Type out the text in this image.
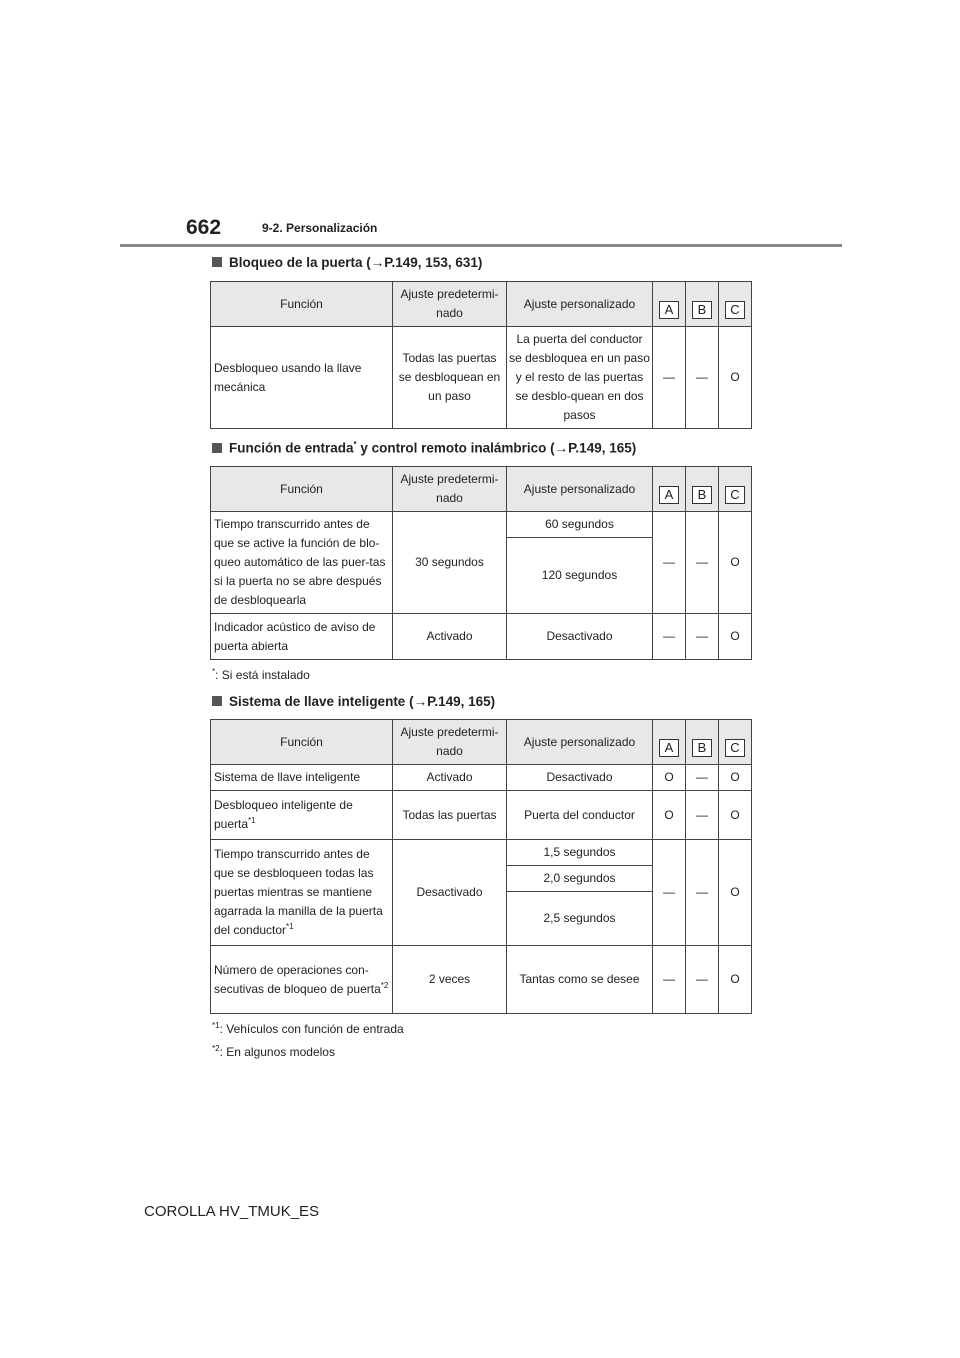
662	9-2. Personalización
Bloqueo de la puerta (→P.149, 153, 631)
Función	Ajuste predetermi-nado	Ajuste personalizado	A	B	C
Desbloqueo usando la llave mecánica	Todas las puertas se desbloquean en un paso	La puerta del conductor se desbloquea en un paso y el resto de las puertas se desblo-quean en dos pasos	—	—	O
Función de entrada* y control remoto inalámbrico (→P.149, 165)
Función	Ajuste predetermi-nado	Ajuste personalizado	A	B	C
Tiempo transcurrido antes de que se active la función de blo-queo automático de las puer-tas si la puerta no se abre después de desbloquearla	30 segundos	60 segundos	—	—	O
		120 segundos			
Indicador acústico de aviso de puerta abierta	Activado	Desactivado	—	—	O
*: Si está instalado
Sistema de llave inteligente (→P.149, 165)
Función	Ajuste predetermi-nado	Ajuste personalizado	A	B	C
Sistema de llave inteligente	Activado	Desactivado	O	—	O
Desbloqueo inteligente de puerta$^{*1}$	Todas las puertas	Puerta del conductor	O	—	O
Tiempo transcurrido antes de que se desbloqueen todas las puertas mientras se mantiene agarrada la manilla de la puerta del conductor$^{*1}$	Desactivado	1,5 segundos	—	—	O
		2,0 segundos			
		2,5 segundos			
Número de operaciones con-secutivas de bloqueo de puerta$^{*2}$	2 veces	Tantas como se desee	—	—	O
$^{*1}$: Vehículos con función de entrada
$^{*2}$: En algunos modelos
COROLLA HV_TMUK_ES
